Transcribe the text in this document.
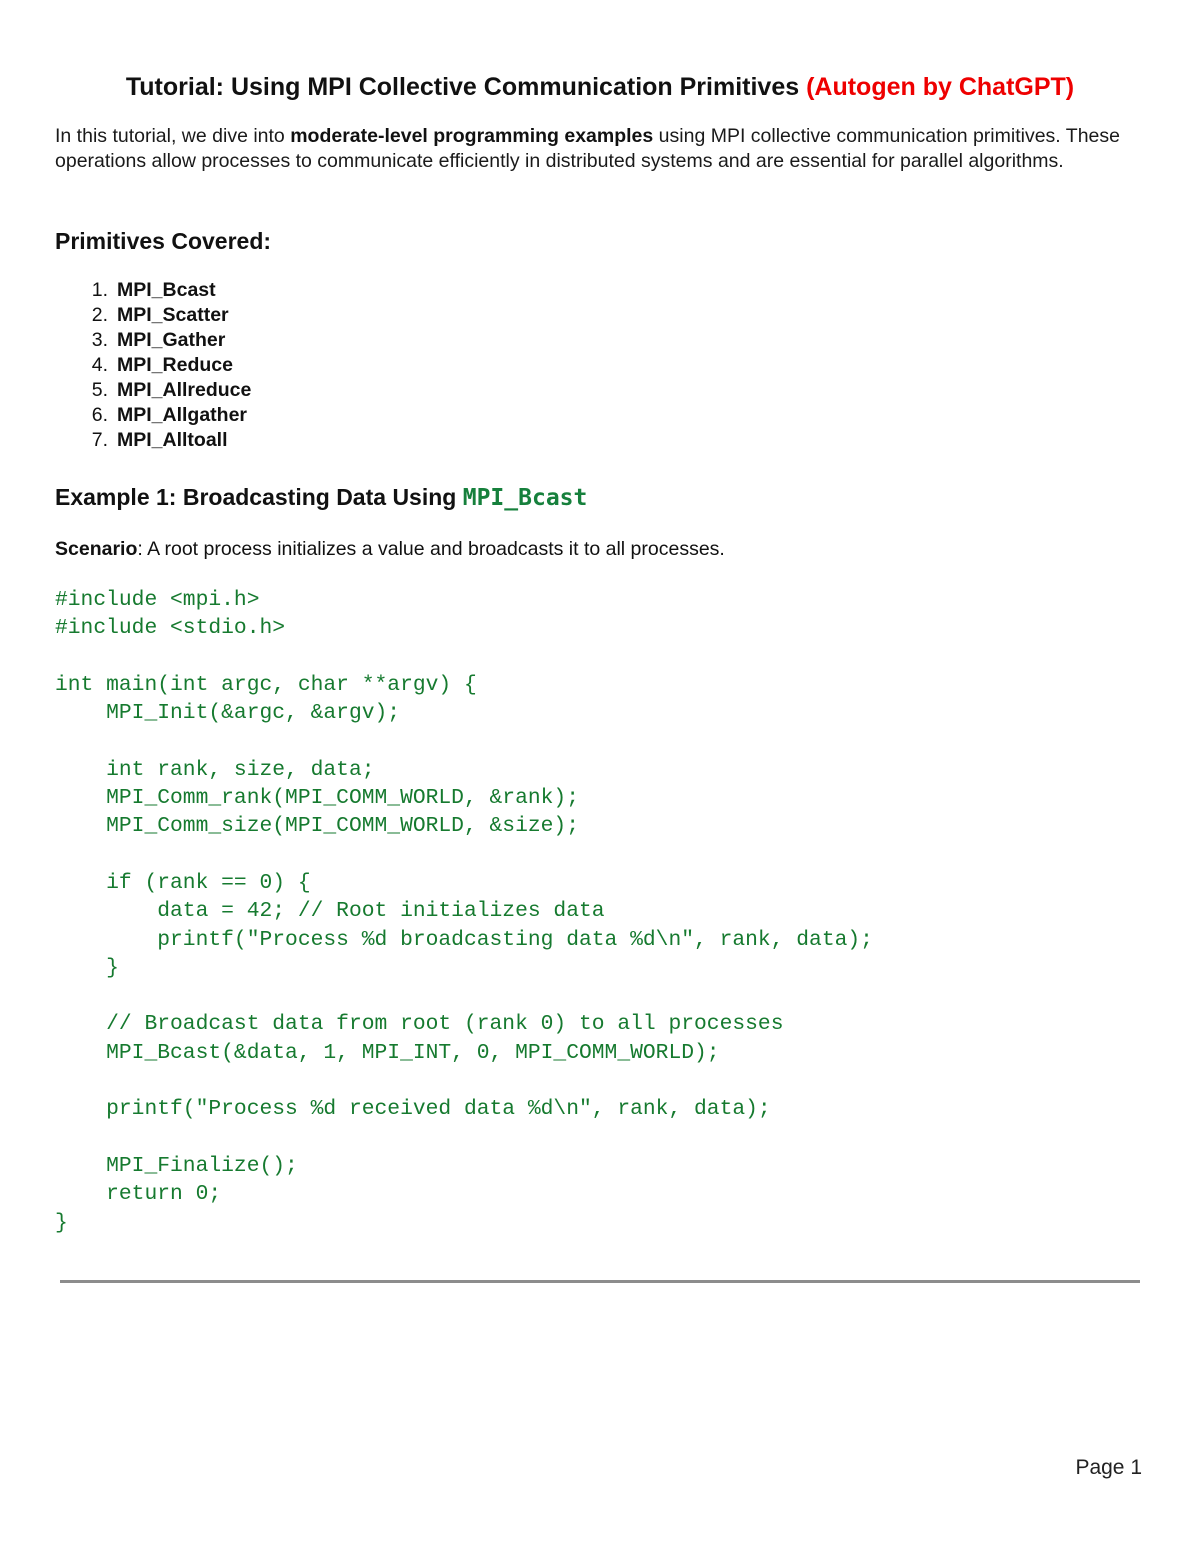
Tutorial: Using MPI Collective Communication Primitives (Autogen by ChatGPT)
In this tutorial, we dive into moderate-level programming examples using MPI collective communication primitives. These operations allow processes to communicate efficiently in distributed systems and are essential for parallel algorithms.
Primitives Covered:
1. MPI_Bcast
2. MPI_Scatter
3. MPI_Gather
4. MPI_Reduce
5. MPI_Allreduce
6. MPI_Allgather
7. MPI_Alltoall
Example 1: Broadcasting Data Using MPI_Bcast
Scenario: A root process initializes a value and broadcasts it to all processes.
#include <mpi.h>
#include <stdio.h>
int main(int argc, char **argv) {
MPI_Init(&argc, &argv);
int rank, size, data;
MPI_Comm_rank(MPI_COMM_WORLD, &rank);
MPI_Comm_size(MPI_COMM_WORLD, &size);
if (rank == 0) {
data = 42; // Root initializes data
printf("Process %d broadcasting data %d\n", rank, data);
}
// Broadcast data from root (rank 0) to all processes
MPI_Bcast(&data, 1, MPI_INT, 0, MPI_COMM_WORLD);
printf("Process %d received data %d\n", rank, data);
MPI_Finalize();
return 0;
}
Page 1
